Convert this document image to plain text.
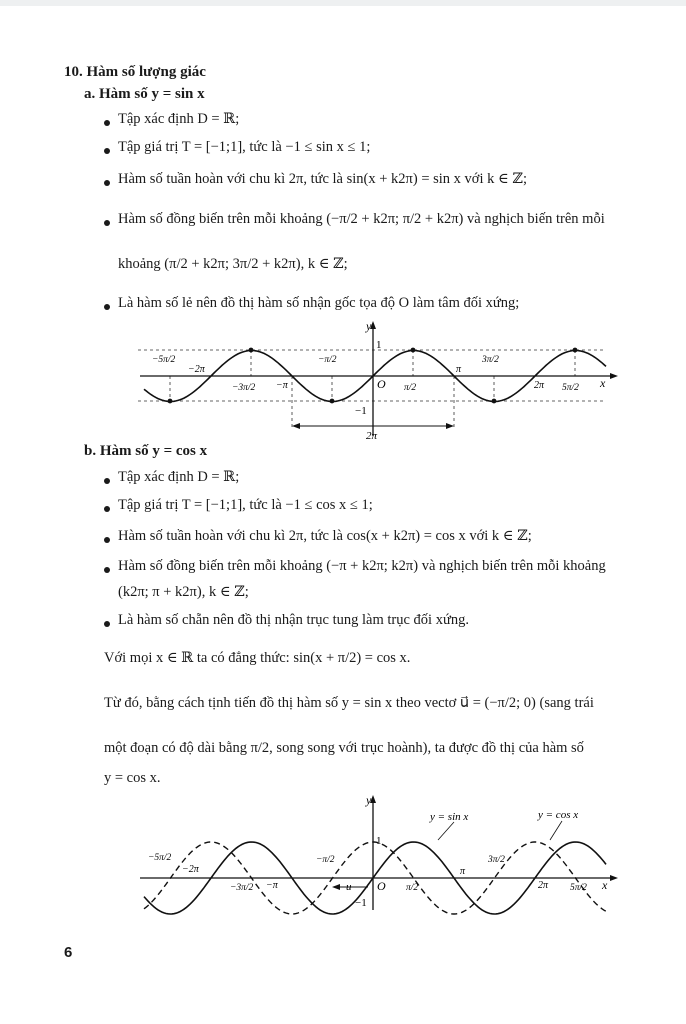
10. Hàm số lượng giác
a. Hàm số y = sin x
Tập xác định D = ℝ;
Tập giá trị T = [−1;1], tức là −1 ≤ sin x ≤ 1;
Hàm số tuần hoàn với chu kì 2π, tức là sin(x + k2π) = sin x với k ∈ ℤ;
Hàm số đồng biến trên mỗi khoảng (−π/2 + k2π; π/2 + k2π) và nghịch biến trên mỗi
khoảng (π/2 + k2π; 3π/2 + k2π), k ∈ ℤ;
Là hàm số lẻ nên đồ thị hàm số nhận gốc tọa độ O làm tâm đối xứng;
y
x
O
1
−1
−5π/2
−2π
−3π/2 −π
−π/2
π/2
π
3π/2
2π 5π/2
2π
b. Hàm số y = cos x
Tập xác định D = ℝ;
Tập giá trị T = [−1;1], tức là −1 ≤ cos x ≤ 1;
Hàm số tuần hoàn với chu kì 2π, tức là cos(x + k2π) = cos x với k ∈ ℤ;
Hàm số đồng biến trên mỗi khoảng (−π + k2π; k2π) và nghịch biến trên mỗi khoảng
(k2π; π + k2π), k ∈ ℤ;
Là hàm số chẵn nên đồ thị nhận trục tung làm trục đối xứng.
Với mọi x ∈ ℝ ta có đẳng thức: sin(x + π/2) = cos x.
Từ đó, bằng cách tịnh tiến đồ thị hàm số y = sin x theo vectơ u⃗ = (−π/2; 0) (sang trái
một đoạn có độ dài bằng π/2, song song với trục hoành), ta được đồ thị của hàm số
y = cos x.
y
x
O
1
−1
u⃗
y = sin x	y = cos x
−5π/2
−2π
−3π/2 −π
−π/2
π/2
π
3π/2
2π 5π/2
6
